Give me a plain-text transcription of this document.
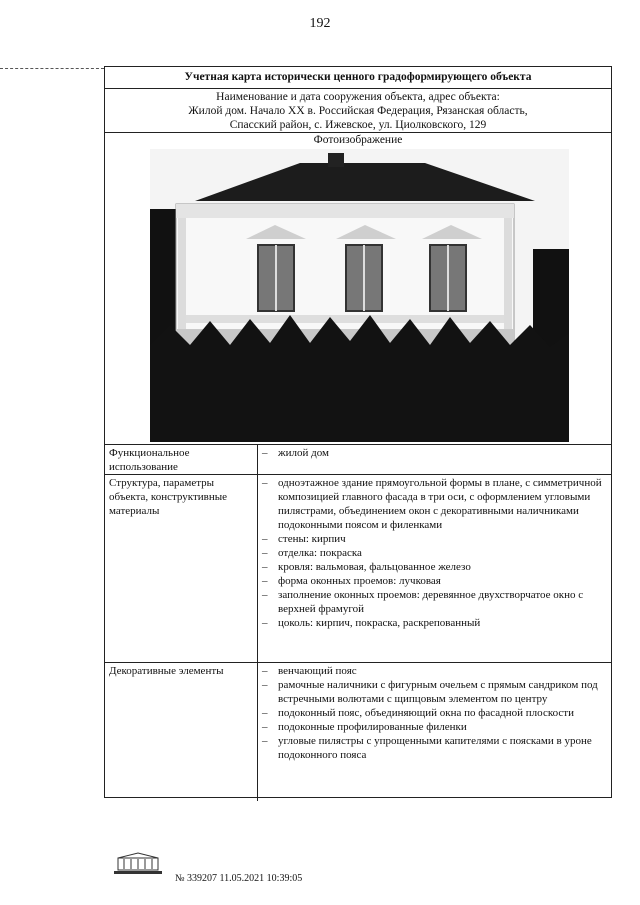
192
Учетная карта исторически ценного градоформирующего объекта
Наименование и дата сооружения объекта, адрес объекта:
Жилой дом. Начало XX в. Российская Федерация, Рязанская область,
Спасский район, с. Ижевское, ул. Циолковского, 129
Фотоизображение
Функциональное использование
– жилой дом
Структура, параметры объекта, конструктивные материалы
– одноэтажное здание прямоугольной формы в плане, с симметричной композицией главного фасада в три оси, с оформлением угловыми пилястрами, объединением окон с декоративными наличниками подоконными поясом и филенками
– стены: кирпич
– отделка: покраска
– кровля: вальмовая, фальцованное железо
– форма оконных проемов: лучковая
– заполнение оконных проемов: деревянное двухстворчатое окно с верхней фрамугой
– цоколь: кирпич, покраска, раскрепованный
Декоративные элементы	– венчающий пояс
– рамочные наличники с фигурным очельем с прямым сандриком под встречными волютами с щипцовым элементом по центру
– подоконный пояс, объединяющий окна по фасадной плоскости
– подоконные профилированные филенки
– угловые пилястры с упрощенными капителями с поясками в уроне подоконного пояса
№ 339207 11.05.2021 10:39:05
